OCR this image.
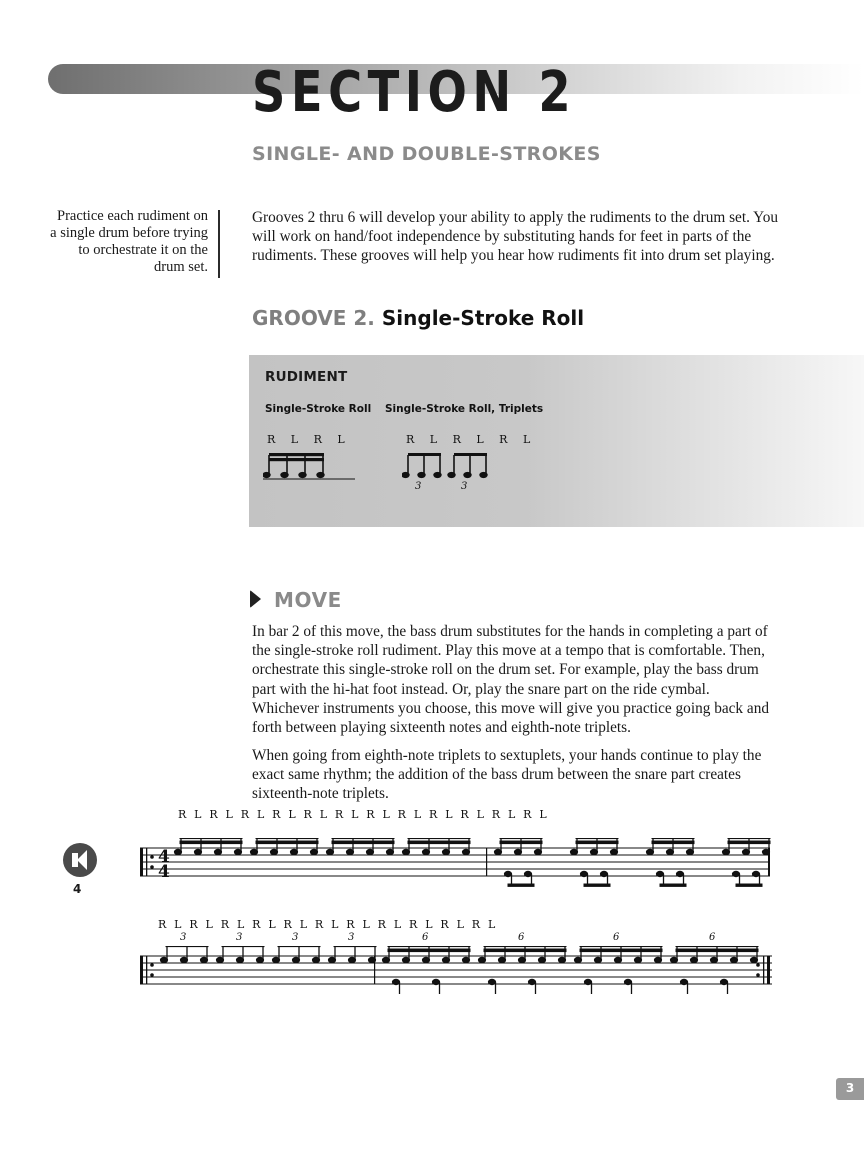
SECTION 2
SINGLE- AND DOUBLE-STROKES
Practice each rudiment on a single drum before trying to orchestrate it on the drum set.
Grooves 2 thru 6 will develop your ability to apply the rudiments to the drum set. You will work on hand/foot independence by substituting hands for feet in parts of the rudiments. These grooves will help you hear how rudiments fit into drum set playing.
GROOVE 2. Single-Stroke Roll
RUDIMENT
Single-Stroke Roll
R L R L
Single-Stroke Roll, Triplets
R L R L R L
3	3
MOVE
In bar 2 of this move, the bass drum substitutes for the hands in completing a part of the single-stroke roll rudiment. Play this move at a tempo that is comfortable. Then, orchestrate this single-stroke roll on the drum set. For example, play the bass drum part with the hi-hat foot instead. Or, play the snare part on the ride cymbal. Whichever instruments you choose, this move will give you practice going back and forth between playing sixteenth notes and eighth-note triplets.
When going from eighth-note triplets to sextuplets, your hands continue to play the exact same rhythm; the addition of the bass drum between the snare part creates sixteenth-note triplets.
4
R L R L R L R L R L R L R L R L R L R L R L R L
4
4
R L R L R L R L R L R L R L R L R L R L R L
3	3	3	3	6	6	6	6
3
